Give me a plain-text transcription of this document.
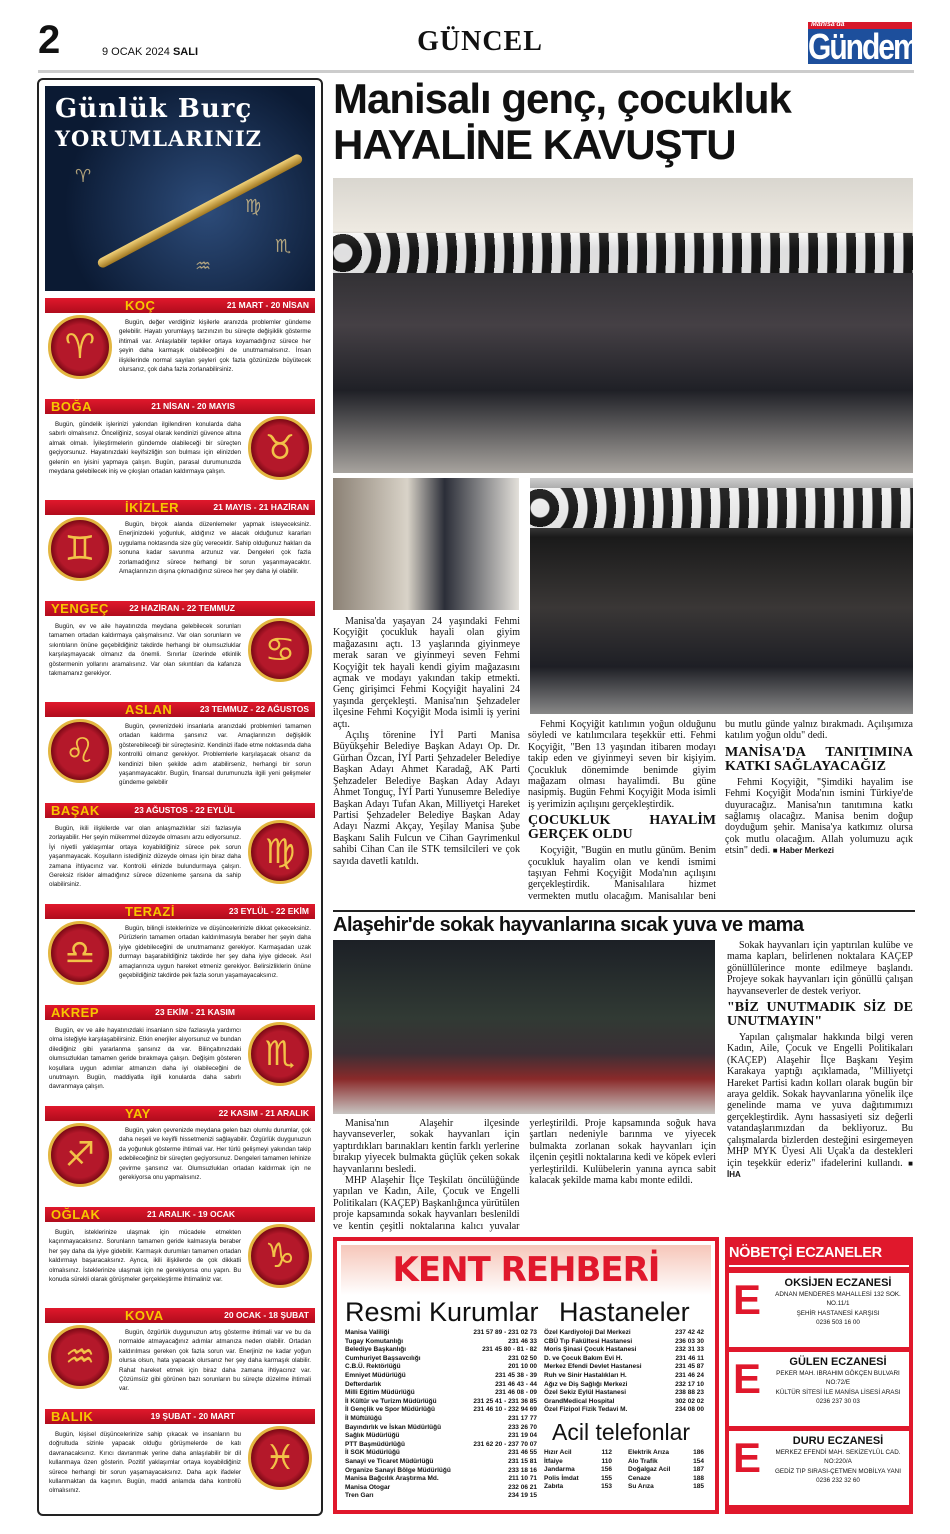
2	9 OCAK 2024 SALI	GÜNCEL
Manisa'da
Gündem
Günlük Burç
YORUMLARINIZ
♍
♏
♒
♈
KOÇ	21 MART - 20 NİSAN
♈
Bugün, değer verdiğiniz kişilerle aranızda problemler gündeme gelebilir. Hayatı yorumlayış tarzınızın bu süreçte değişiklik gösterme ihtimali var. Anlaşılabilir tepkiler ortaya koyamadığınız sürece her şeyin daha karmaşık olabileceğini de unutmamalısınız. İnsan ilişkilerinde normal sayılan şeyleri çok fazla gözünüzde büyütecek olursanız, çok daha fazla zorlanabilirsiniz.
BOĞA	21 NİSAN - 20 MAYIS
♉
Bugün, gündelik işlerinizi yakından ilgilendiren konularda daha sabırlı olmalısınız. Önceliğiniz, sosyal olarak kendinizi güvence altına almak olmalı. İyileştirmelerin gündemde olabileceği bir süreçten geçiyorsunuz. Hayatınızdaki keyifsizliğin son bulması için elinizden gelenin en iyisini yapmaya çalışın. Bugün, parasal durumunuzda meydana gelebilecek iniş ve çıkışları ortadan kaldırmaya çalışın.
İKİZLER	21 MAYIS - 21 HAZİRAN
♊
Bugün, birçok alanda düzenlemeler yapmak isteyeceksiniz. Enerjinizdeki yoğunluk, aldığınız ve alacak olduğunuz kararları uygulama noktasında size güç verecektir. Sahip olduğunuz hakları da sonuna kadar savunma arzunuz var. Dengeleri çok fazla zorlamadığınız sürece herhangi bir sorun yaşanmayacaktır. Amaçlarınızın dışına çıkmadığınız sürece her şey daha iyi olabilir.
YENGEÇ 22 HAZİRAN - 22 TEMMUZ
♋
Bugün, ev ve aile hayatınızda meydana gelebilecek sorunları tamamen ortadan kaldırmaya çalışmalısınız. Var olan sorunların ve sıkıntıların önüne geçebildiğiniz takdirde herhangi bir olumsuzluklar karşılaşmayacak olmanız da önemli. Sınırlar üzerinde etkinlik göstermenin yollarını aramalısınız. Var olan sıkıntıları da kafanıza takmamanız gerekiyor.
ASLAN	23 TEMMUZ - 22 AĞUSTOS
♌
Bugün, çevrenizdeki insanlarla aranızdaki problemleri tamamen ortadan kaldırma şansınız var. Amaçlarınızın değişiklik gösterebileceği bir süreçtesiniz. Kendinizi ifade etme noktasında daha kontrollü olmanız gerekiyor. Problemlerle karşılaşacak olsanız da kendinizi bilen şekilde adım atabilirseniz, herhangi bir sorun yaşanmayacaktır. Bugün, finansal durumunuzla ilgili yeni gelişmeler gündeme gelebilir
BAŞAK	23 AĞUSTOS - 22 EYLÜL
♍
Bugün, ikili ilişkilerde var olan anlaşmazlıklar sizi fazlasıyla zorlayabilir. Her şeyin mükemmel düzeyde olmasını arzu ediyorsunuz. İyi niyetli yaklaşımlar ortaya koyabildiğiniz sürece pek sorun yaşanmayacak. Koşulların istediğiniz düzeyde olması için biraz daha zamana ihtiyacınız var. Kontrolü elinizde bulundurmaya çalışın. Gereksiz riskler almadığınız sürece düzenleme şansına da sahip olabilirsiniz.
TERAZİ	23 EYLÜL - 22 EKİM
♎
Bugün, bilinçli isteklerinize ve düşüncelerinizle dikkat çekeceksiniz. Pürüzlerin tamamen ortadan kaldırılmasıyla beraber her şeyin daha iyiye gidebileceğini de unutmamanız gerekiyor. Karmaşadan uzak durmayı başarabildiğiniz takdirde her şey daha iyiye gidecek. Asıl amaçlarınıza uygun hareket etmeniz gerekiyor. Belirsizliklerin önüne geçebildiğiniz takdirde pek fazla sorun yaşamayacaksınız.
AKREP	23 EKİM - 21 KASIM
♏
Bugün, ev ve aile hayatınızdaki insanların size fazlasıyla yardımcı olma isteğiyle karşılaşabilirsiniz. Etkin enerjiler alıyorsunuz ve bundan dilediğiniz gibi yararlanma şansınız da var. Bilinçaltınızdaki olumsuzlukları tamamen geride bırakmaya çalışın. Değişim gösteren koşullara uygun adımlar atmanızın daha iyi olabileceğini de unutmayın. Bugün, maddiyatla ilgili konularda daha sabırlı davranmaya çalışın.
YAY	22 KASIM - 21 ARALIK
♐
Bugün, yakın çevrenizde meydana gelen bazı olumlu durumlar, çok daha neşeli ve keyifli hissetmenizi sağlayabilir. Özgürlük duygunuzun da yoğunluk gösterme ihtimali var. Her türlü gelişmeyi yakından takip edebileceğiniz bir süreçten geçiyorsunuz. Dengeleri tamamen lehinize çevirme şansınız var. Olumsuzlukları ortadan kaldırmak için ne gerekiyorsa onu yapmalısınız.
OĞLAK	21 ARALIK - 19 OCAK
♑
Bugün, isteklerinize ulaşmak için mücadele etmekten kaçınmayacaksınız. Sorunların tamamen geride kalmasıyla beraber her şey daha da iyiye gidebilir. Karmaşık durumları tamamen ortadan kaldırmayı başaracaksınız. Ayrıca, ikili ilişkilerde de çok dikkatli olmalısınız. İsteklerinize ulaşmak için ne gerekiyorsa onu yapın. Bu konuda sürekli olarak görüşmeler gerçekleştirme ihtimaliniz var.
KOVA	20 OCAK - 18 ŞUBAT
♒
Bugün, özgürlük duygunuzun artış gösterme ihtimali var ve bu da normalde atmayacağınız adımlar atmanıza neden olabilir. Ortadan kaldırılması gereken çok fazla sorun var. Enerjiniz ne kadar yoğun olursa olsun, hata yapacak olursanız her şey daha karmaşık olabilir. Rahat hareket etmek için biraz daha zamana ihtiyacınız var. Çözümsüz gibi görünen bazı sorunların bu süreçte düzelme ihtimali var.
BALIK	19 ŞUBAT - 20 MART
♓
Bugün, kişisel düşüncelerinize sahip çıkacak ve insanların bu doğrultuda sizinle yapacak olduğu görüşmelerde de katı davranacaksınız. Kırıcı davranmak yerine daha anlaşılabilir bir dil kullanmaya özen gösterin. Pozitif yaklaşımlar ortaya koyabildiğiniz sürece herhangi bir sorun yaşamayacaksınız. Daha açık ifadeler kullanmaktan da kaçının. Bugün, maddi anlamda daha kontrollü olmalısınız.
Manisalı genç, çocukluk HAYALİNE KAVUŞTU

Manisa'da yaşayan 24 yaşındaki Fehmi Koçyiğit çocukluk hayali olan giyim mağazasını açtı. 13 yaşlarında giyinmeye merak saran ve giyinmeyi seven Fehmi Koçyiğit tek hayali kendi giyim mağazasını açmak ve modayı yakından takip etmekti. Genç girişimci Fehmi Koçyiğit hayalini 24 yaşında gerçekleşti. Manisa'nın Şehzadeler ilçesine Fehmi Koçyiğit Moda isimli iş yerini açtı.

Açılış törenine İYİ Parti Manisa Büyükşehir Belediye Başkan Adayı Op. Dr. Gürhan Özcan, İYİ Parti Şehzadeler Belediye Başkan Adayı Ahmet Karadağ, AK Parti Şehzadeler Belediye Başkan Aday Adayı Ahmet Tonguç, İYİ Parti Yunusemre Belediye Başkan Adayı Tufan Akan, Milliyetçi Hareket Partisi Şehzadeler Belediye Başkan Aday Adayı Nazmi Akçay, Yeşilay Manisa Şube Başkanı Salih Fulcun ve Cihan Gayrimenkul sahibi Cihan Can ile STK temsilcileri ve çok sayıda davetli katıldı.

Fehmi Koçyiğit katılımın yoğun olduğunu söyledi ve katılımcılara teşekkür etti. Fehmi Koçyiğit, "Ben 13 yaşından itibaren modayı takip eden ve giyinmeyi seven bir kişiyim. Çocukluk dönemimde benimde giyim mağazam olması hayalimdi. Bu güne nasipmiş. Bugün Fehmi Koçyiğit Moda isimli iş yerimizin açılışını gerçekleştirdik.

ÇOCUKLUK HAYALİM GERÇEK OLDU

Koçyiğit, "Bugün en mutlu günüm. Benim çocukluk hayalim olan ve kendi ismimi taşıyan Fehmi Koçyiğit Moda'nın açılışını gerçekleştirdik. Manisalılara hizmet vermekten mutlu olacağım. Manisalılar beni bu mutlu günde yalnız bırakmadı. Açılışımıza katılım yoğun oldu" dedi.

MANİSA'DA TANITIMINA KATKI SAĞLAYACAĞIZ

Fehmi Koçyiğit, "Şimdiki hayalim ise Fehmi Koçyiğit Moda'nın ismini Türkiye'de duyuracağız. Manisa'nın tanıtımına katkı sağlamış olacağız. Manisa benim doğup doyduğum şehir. Manisa'ya katkımız olursa çok mutlu olacağım. Allah yolumuzu açık etsin" dedi. ■ Haber Merkezi

Alaşehir'de sokak hayvanlarına sıcak yuva ve mama

Manisa'nın Alaşehir ilçesinde hayvanseverler, sokak hayvanları için yaptırdıkları barınakları kentin farklı yerlerine bırakıp yiyecek bulmakta güçlük çeken sokak hayvanlarını besledi.

MHP Alaşehir İlçe Teşkilatı öncülüğünde yapılan ve Kadın, Aile, Çocuk ve Engelli Politikaları (KAÇEP) Başkanlığınca yürütülen proje kapsamında sokak hayvanları beslenildi ve kentin çeşitli noktalarına kalıcı yuvalar yerleştirildi. Proje kapsamında soğuk hava şartları nedeniyle barınma ve yiyecek bulmakta zorlanan sokak hayvanları için ilçenin çeşitli noktalarına kedi ve köpek evleri yerleştirildi. Kulübelerin yanına ayrıca sabit kalacak şekilde mama kabı monte edildi.

Sokak hayvanları için yaptırılan kulübe ve mama kapları, belirlenen noktalara KAÇEP gönüllülerince monte edilmeye başlandı. Projeye sokak hayvanları için gönüllü çalışan hayvanseverler de destek veriyor.

"BİZ UNUTMADIK SİZ DE UNUTMAYIN"

Yapılan çalışmalar hakkında bilgi veren Kadın, Aile, Çocuk ve Engelli Politikaları (KAÇEP) Alaşehir İlçe Başkanı Yeşim Karakaya yaptığı açıklamada, "Milliyetçi Hareket Partisi kadın kolları olarak bugün bir araya geldik. Sokak hayvanlarına yönelik ilçe genelinde mama ve yuva dağıtımımızı gerçekleştirdik. Aynı hassasiyeti siz değerli vatandaşlarımızdan da bekliyoruz. Bu çalışmalarda bizlerden desteğini esirgemeyen MHP MYK Üyesi Ali Uçak'a da destekleri için teşekkür ederiz" ifadelerini kullandı. ■ İHA

KENT REHBERİ
Resmi Kurumlar Hastaneler
Manisa Valiliği	231 57 89 - 231 02 73
Tugay Komutanlığı	231 46 33
Belediye Başkanlığı	231 45 80 - 81 - 82
Cumhuriyet Başsavcılığı	231 02 50
C.B.Ü. Rektörlüğü	201 10 00
Emniyet Müdürlüğü	231 45 38 - 39
Defterdarlık	231 46 43 - 44
Milli Eğitim Müdürlüğü	231 46 08 - 09
İl Kültür ve Turizm Müdürlüğü	231 25 41 - 231 36 85
İl Gençlik ve Spor Müdürlüğü	231 46 10 - 232 94 69
İl Müftülüğü	231 17 77
Bayındırlık ve İskan Müdürlüğü	233 26 70
Sağlık Müdürlüğü	231 19 04
PTT Başmüdürlüğü	231 62 20 - 237 70 07
İl SGK Müdürlüğü	231 46 55
Sanayi ve Ticaret Müdürlüğü	231 15 81
Organize Sanayi Bölge Müdürlüğü	233 18 16
Manisa Bağcılık Araştırma Md.	211 10 71
Manisa Otogar	232 06 21
Tren Garı	234 19 15
Özel Kardiyoloji Dal Merkezi	237 42 42
CBÜ Tıp Fakültesi Hastanesi	236 03 30
Moris Şinasi Çocuk Hastanesi	232 31 33
D. ve Çocuk Bakım Evi H.	231 46 11
Merkez Efendi Devlet Hastanesi	231 45 87
Ruh ve Sinir Hastalıkları H.	231 46 24
Ağız ve Diş Sağlığı Merkezi	232 17 10
Özel Sekiz Eylül Hastanesi	238 88 23
GrandMedical Hospital	302 02 02
Özel Fizipol Fizik Tedavi M.	234 08 00
Acil telefonlar
Hızır Acil	112
İtfaiye	110
Jandarma	156
Polis İmdat	155
Zabıta	153
Elektrik Arıza	186
Alo Trafik	154
Doğalgaz Acil	187
Cenaze	188
Su Arıza	185
NÖBETÇİ ECZANELER
E	OKSİJEN ECZANESİ
ADNAN MENDERES MAHALLESİ 132 SOK.
NO.11/1
ŞEHİR HASTANESİ KARŞISI
0236 503 16 00
E	GÜLEN ECZANESİ
PEKER MAH. IBRAHIM GÖKÇEN BULVARI
NO:72/E
KÜLTÜR SİTESİ İLE MANİSA LİSESİ ARASI
0236 237 30 03
E	DURU ECZANESİ
MERKEZ EFENDİ MAH. SEKİZEYLÜL CAD.
NO:220/A
GEDİZ TIP SIRASI-ÇETMEN MOBİLYA YANI
0236 232 32 60
